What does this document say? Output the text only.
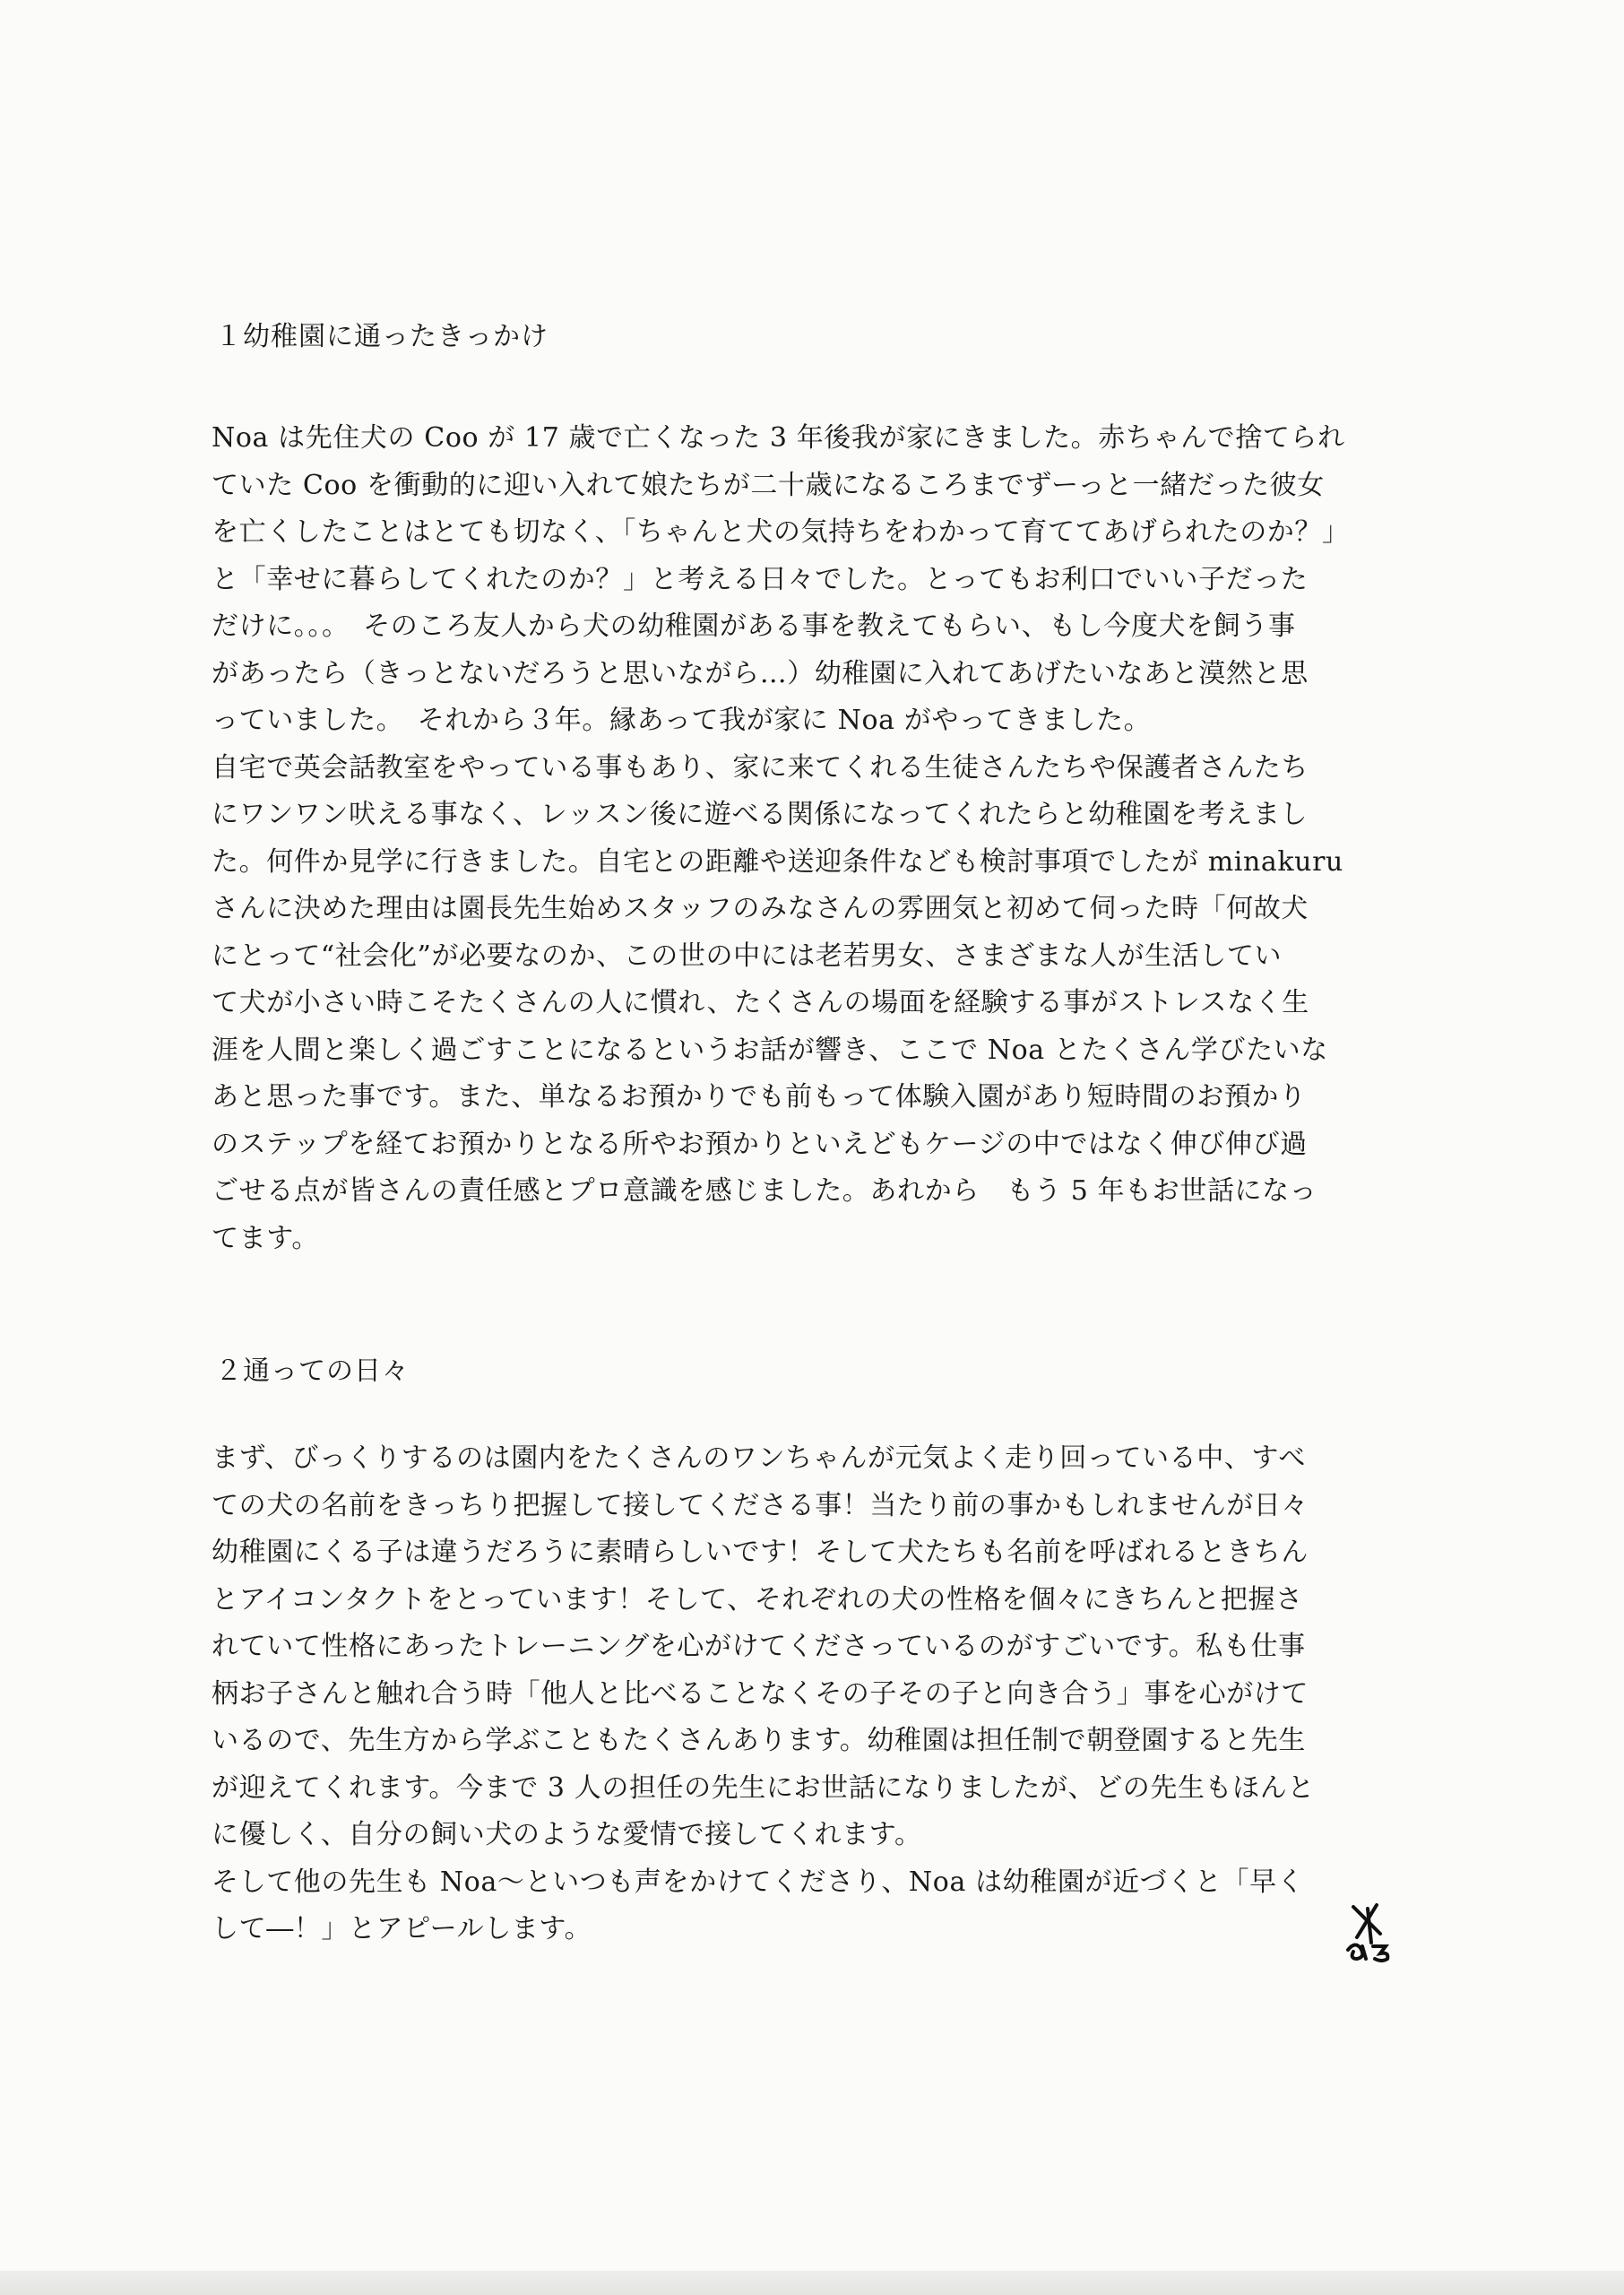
１幼稚園に通ったきっかけ
Noa は先住犬の Coo が 17 歳で亡くなった 3 年後我が家にきました。赤ちゃんで捨てられ
ていた Coo を衝動的に迎い入れて娘たちが二十歳になるころまでずーっと一緒だった彼女
を亡くしたことはとても切なく、「ちゃんと犬の気持ちをわかって育ててあげられたのか？」
と「幸せに暮らしてくれたのか？」と考える日々でした。とってもお利口でいい子だった
だけに。。。　そのころ友人から犬の幼稚園がある事を教えてもらい、もし今度犬を飼う事
があったら（きっとないだろうと思いながら…）幼稚園に入れてあげたいなあと漠然と思
っていました。　それから３年。縁あって我が家に Noa がやってきました。
自宅で英会話教室をやっている事もあり、家に来てくれる生徒さんたちや保護者さんたち
にワンワン吠える事なく、レッスン後に遊べる関係になってくれたらと幼稚園を考えまし
た。何件か見学に行きました。自宅との距離や送迎条件なども検討事項でしたが minakuru
さんに決めた理由は園長先生始めスタッフのみなさんの雰囲気と初めて伺った時「何故犬
にとって“社会化”が必要なのか、この世の中には老若男女、さまざまな人が生活してい
て犬が小さい時こそたくさんの人に慣れ、たくさんの場面を経験する事がストレスなく生
涯を人間と楽しく過ごすことになるというお話が響き、ここで Noa とたくさん学びたいな
あと思った事です。また、単なるお預かりでも前もって体験入園があり短時間のお預かり
のステップを経てお預かりとなる所やお預かりといえどもケージの中ではなく伸び伸び過
ごせる点が皆さんの責任感とプロ意識を感じました。あれから　もう 5 年もお世話になっ
てます。
２通っての日々
まず、びっくりするのは園内をたくさんのワンちゃんが元気よく走り回っている中、すべ
ての犬の名前をきっちり把握して接してくださる事！当たり前の事かもしれませんが日々
幼稚園にくる子は違うだろうに素晴らしいです！そして犬たちも名前を呼ばれるときちん
とアイコンタクトをとっています！そして、それぞれの犬の性格を個々にきちんと把握さ
れていて性格にあったトレーニングを心がけてくださっているのがすごいです。私も仕事
柄お子さんと触れ合う時「他人と比べることなくその子その子と向き合う」事を心がけて
いるので、先生方から学ぶこともたくさんあります。幼稚園は担任制で朝登園すると先生
が迎えてくれます。今まで 3 人の担任の先生にお世話になりましたが、どの先生もほんと
に優しく、自分の飼い犬のような愛情で接してくれます。
そして他の先生も Noa～といつも声をかけてくださり、Noa は幼稚園が近づくと「早く
して―！」とアピールします。
